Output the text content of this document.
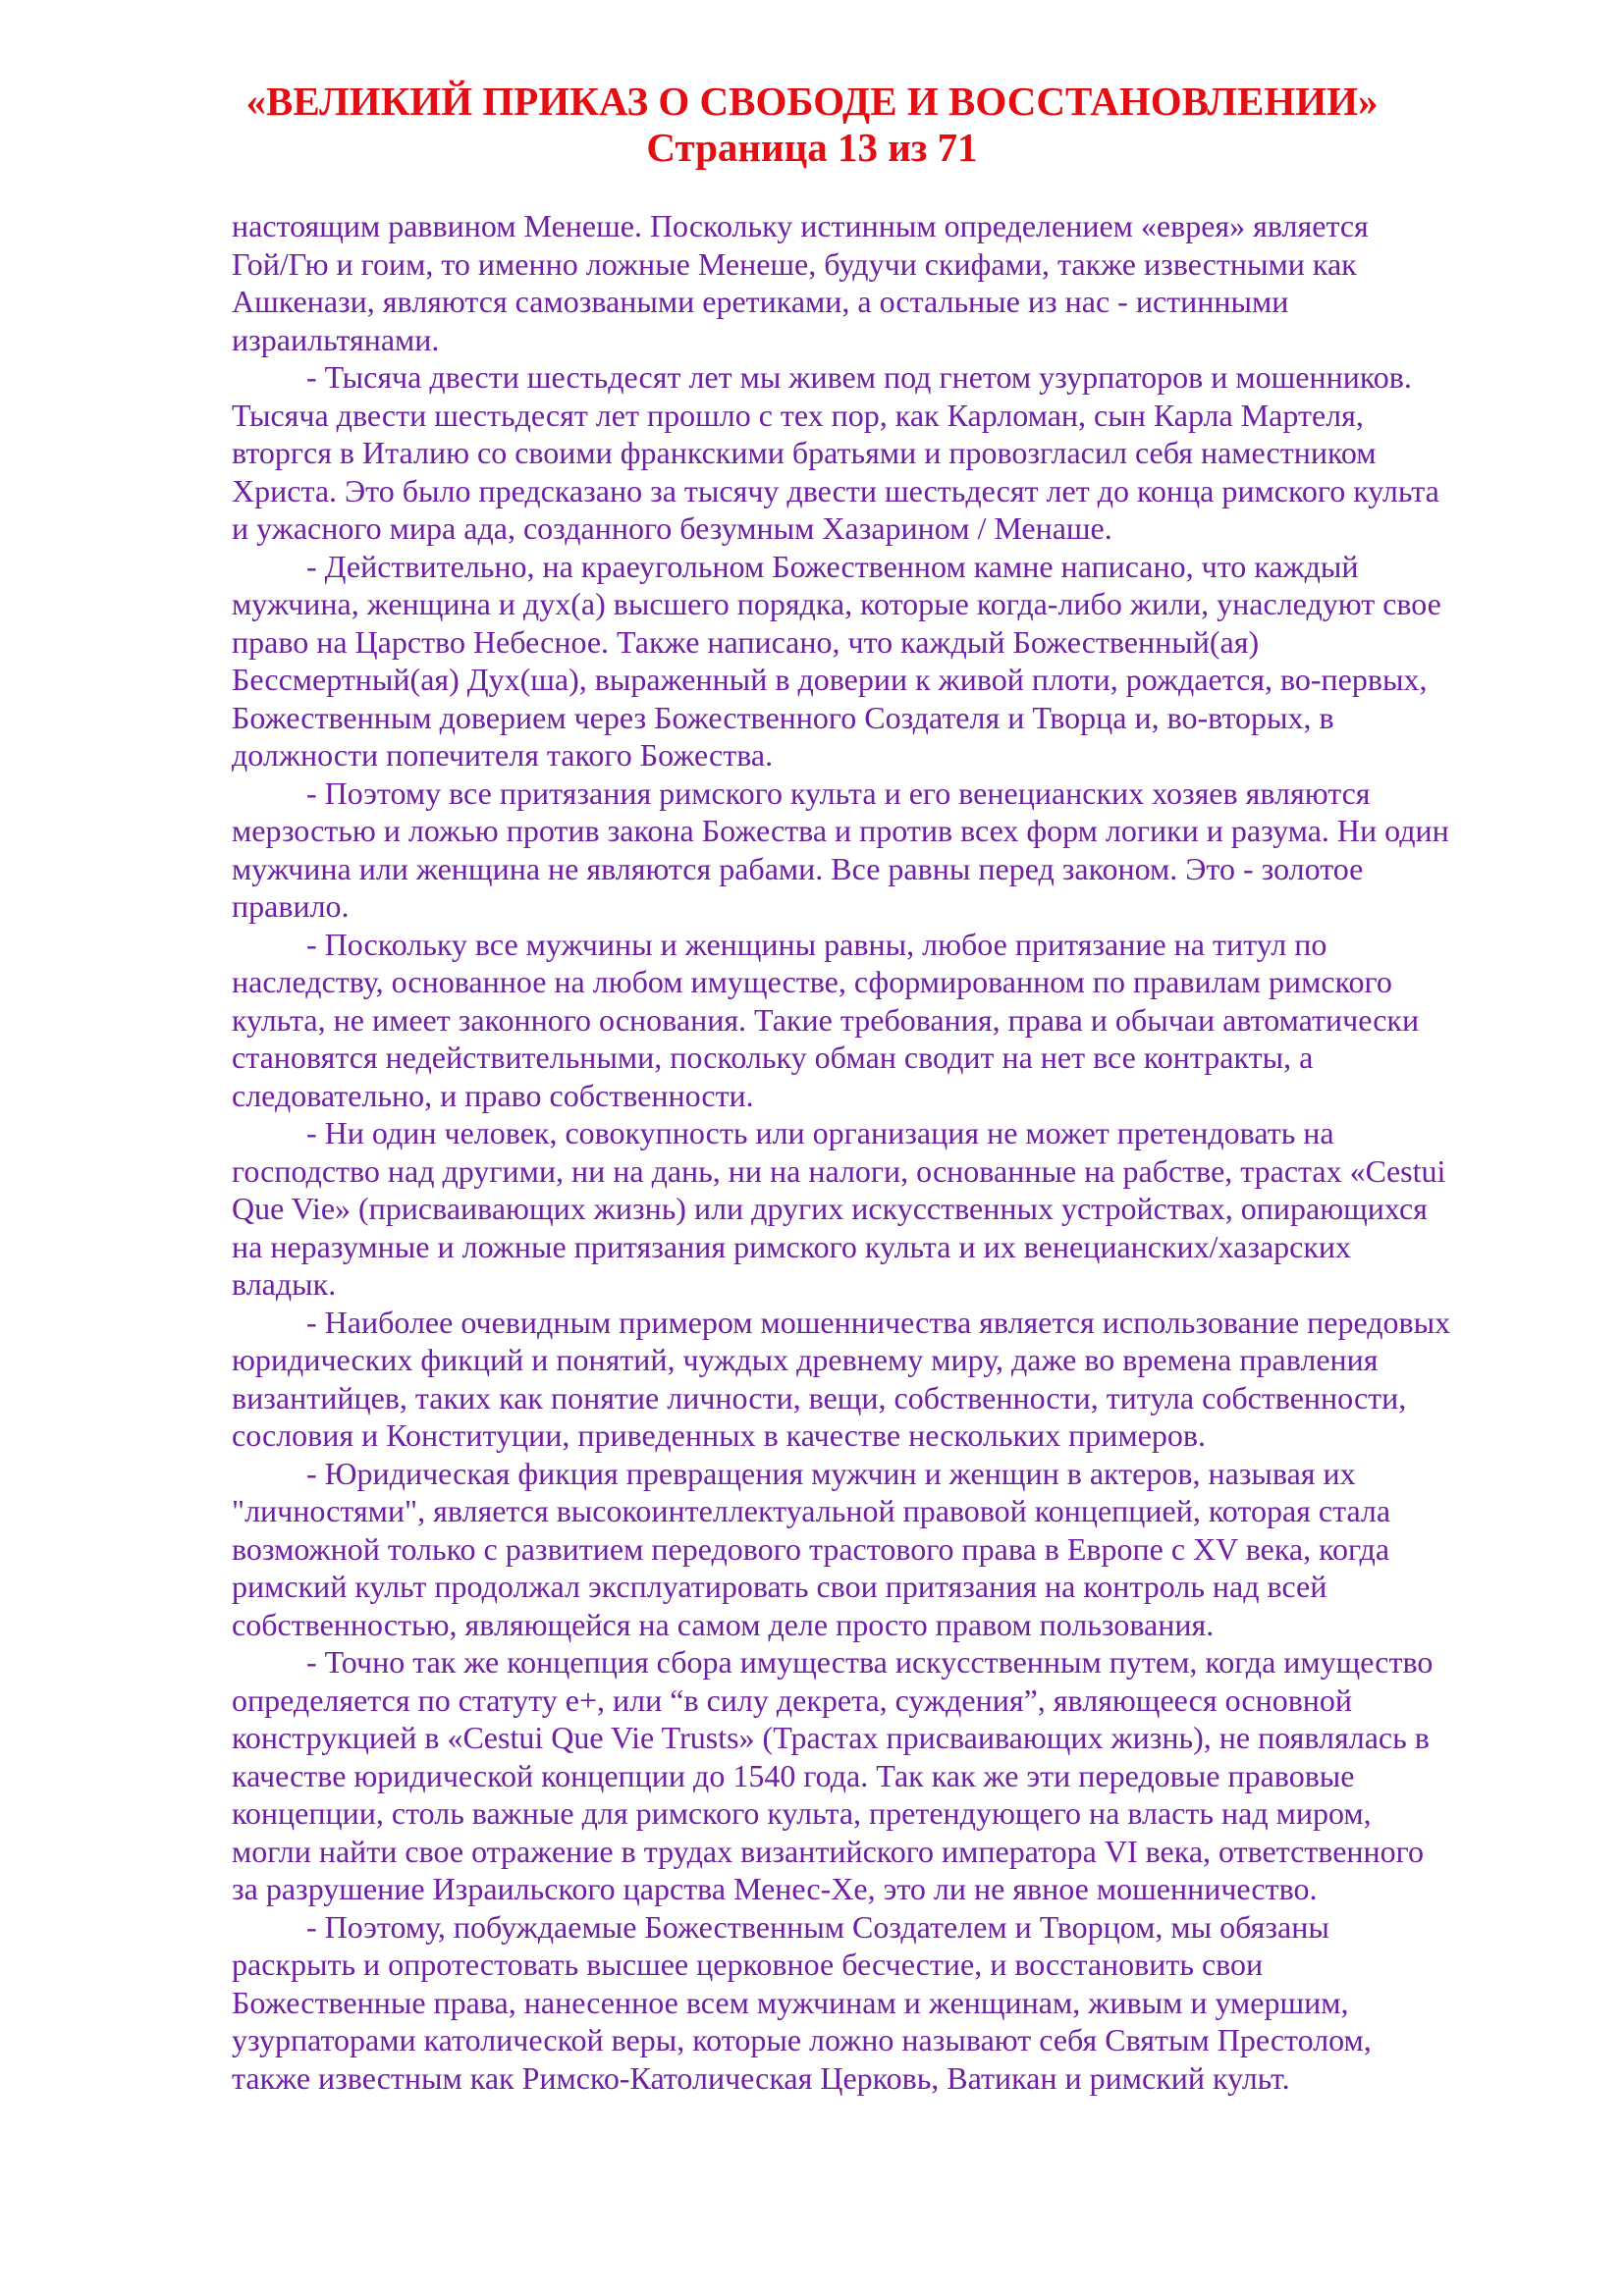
«ВЕЛИКИЙ ПРИКАЗ О СВОБОДЕ И ВОССТАНОВЛЕНИИ»
Страница 13 из 71
настоящим раввином Менеше. Поскольку истинным определением «еврея» является
Гой/Гю и гоим, то именно ложные Менеше, будучи скифами, также известными как
Ашкенази, являются самозваными еретиками, а остальные из нас - истинными
израильтянами.
- Тысяча двести шестьдесят лет мы живем под гнетом узурпаторов и мошенников.
Тысяча двести шестьдесят лет прошло с тех пор, как Карломан, сын Карла Мартеля,
вторгся в Италию со своими франкскими братьями и провозгласил себя наместником
Христа. Это было предсказано за тысячу двести шестьдесят лет до конца римского культа
и ужасного мира ада, созданного безумным Хазарином / Менаше.
- Действительно, на краеугольном Божественном камне написано, что каждый
мужчина, женщина и дух(а) высшего порядка, которые когда-либо жили, унаследуют свое
право на Царство Небесное. Также написано, что каждый Божественный(ая)
Бессмертный(ая) Дух(ша), выраженный в доверии к живой плоти, рождается, во-первых,
Божественным доверием через Божественного Создателя и Творца и, во-вторых, в
должности попечителя такого Божества.
- Поэтому все притязания римского культа и его венецианских хозяев являются
мерзостью и ложью против закона Божества и против всех форм логики и разума. Ни один
мужчина или женщина не являются рабами. Все равны перед законом. Это - золотое
правило.
- Поскольку все мужчины и женщины равны, любое притязание на титул по
наследству, основанное на любом имуществе, сформированном по правилам римского
культа, не имеет законного основания. Такие требования, права и обычаи автоматически
становятся недействительными, поскольку обман сводит на нет все контракты, а
следовательно, и право собственности.
- Ни один человек, совокупность или организация не может претендовать на
господство над другими, ни на дань, ни на налоги, основанные на рабстве, трастах «Cestui
Que Vie» (присваивающих жизнь) или других искусственных устройствах, опирающихся
на неразумные и ложные притязания римского культа и их венецианских/хазарских
владык.
- Наиболее очевидным примером мошенничества является использование передовых
юридических фикций и понятий, чуждых древнему миру, даже во времена правления
византийцев, таких как понятие личности, вещи, собственности, титула собственности,
сословия и Конституции, приведенных в качестве нескольких примеров.
- Юридическая фикция превращения мужчин и женщин в актеров, называя их
"личностями", является высокоинтеллектуальной правовой концепцией, которая стала
возможной только с развитием передового трастового права в Европе с XV века, когда
римский культ продолжал эксплуатировать свои притязания на контроль над всей
собственностью, являющейся на самом деле просто правом пользования.
- Точно так же концепция сбора имущества искусственным путем, когда имущество
определяется по статуту e+, или “в силу декрета, суждения”, являющееся основной
конструкцией в «Cestui Que Vie Trusts» (Трастах присваивающих жизнь), не появлялась в
качестве юридической концепции до 1540 года. Так как же эти передовые правовые
концепции, столь важные для римского культа, претендующего на власть над миром,
могли найти свое отражение в трудах византийского императора VI века, ответственного
за разрушение Израильского царства Менес-Хе, это ли не явное мошенничество.
- Поэтому, побуждаемые Божественным Создателем и Творцом, мы обязаны
раскрыть и опротестовать высшее церковное бесчестие, и восстановить свои
Божественные права, нанесенное всем мужчинам и женщинам, живым и умершим,
узурпаторами католической веры, которые ложно называют себя Святым Престолом,
также известным как Римско-Католическая Церковь, Ватикан и римский культ.
